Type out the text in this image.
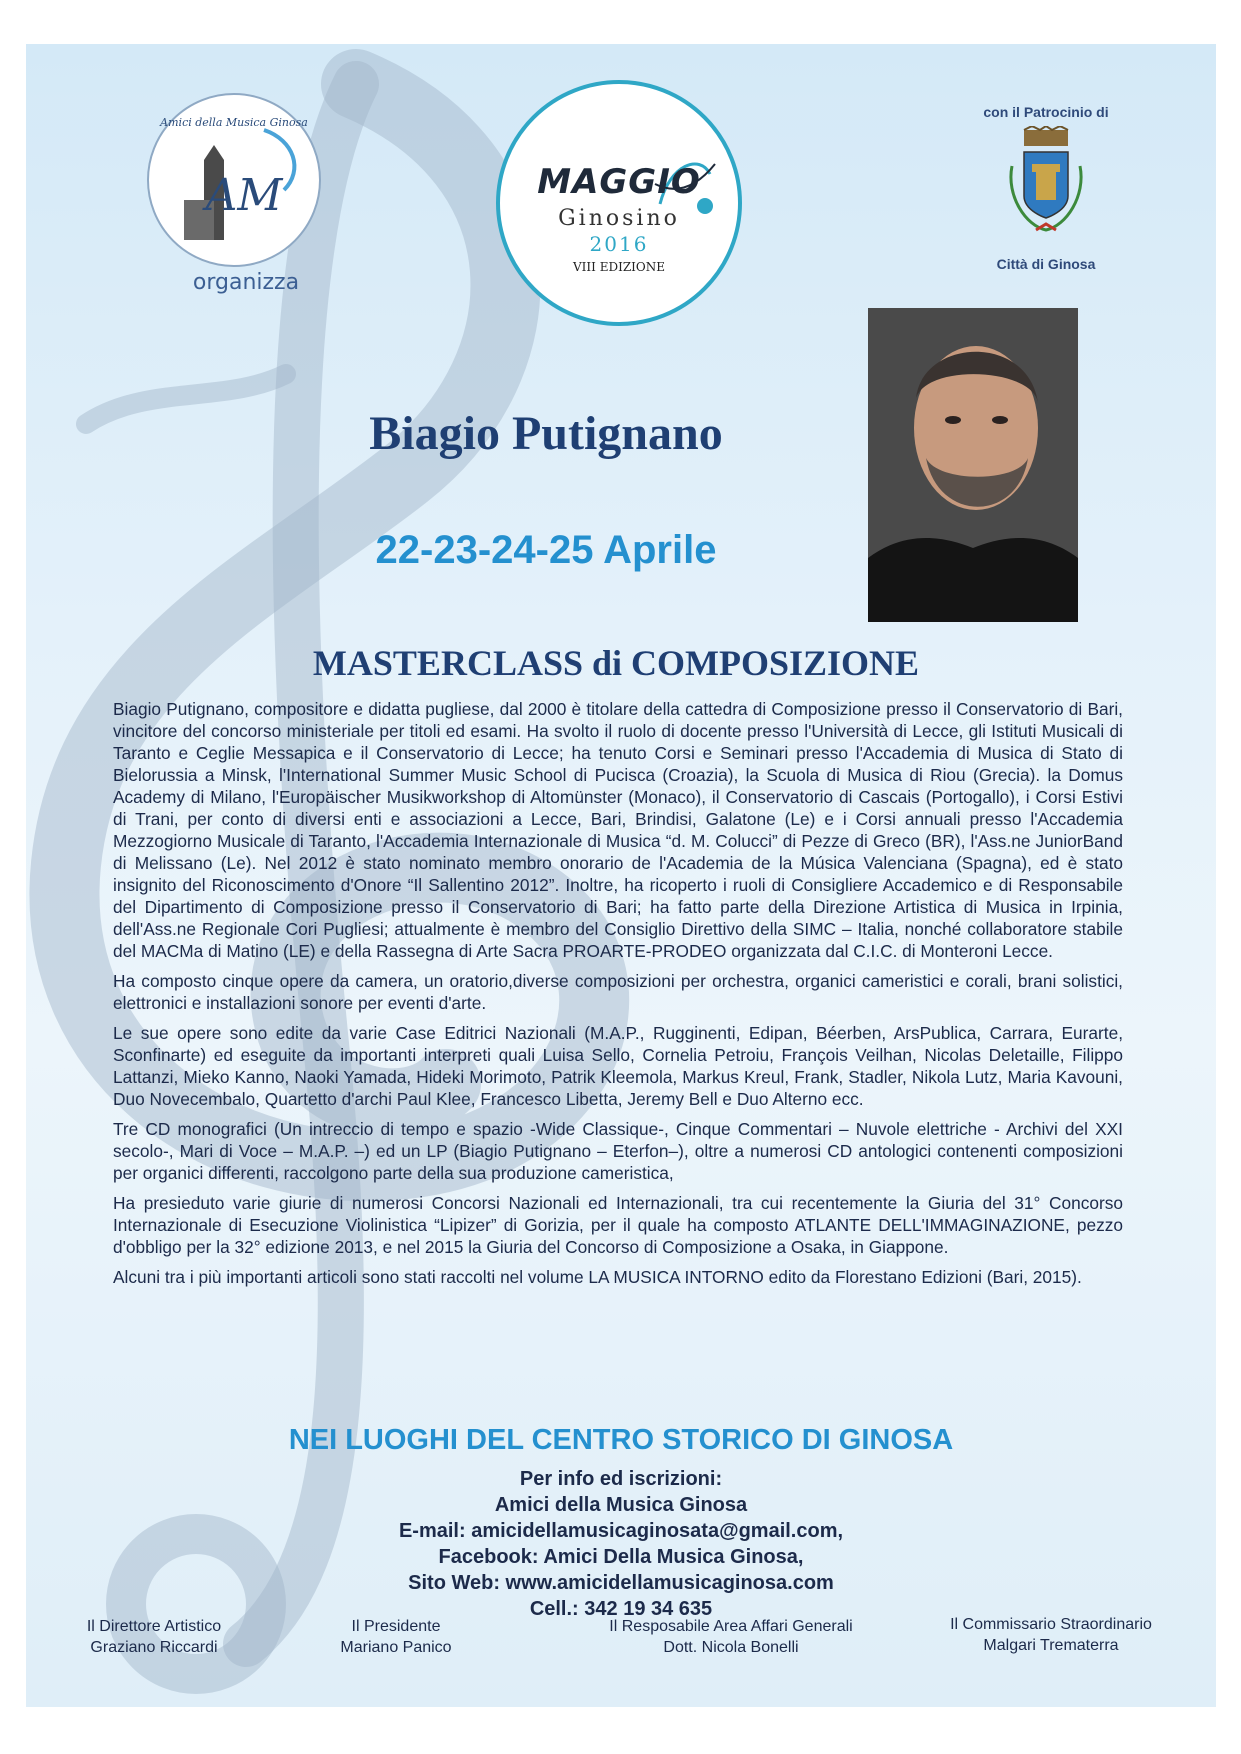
AM
Amici della Musica Ginosa
organizza
MAGGIO
Ginosino
2016
VIII EDIZIONE
con il Patrocinio di
Città di Ginosa
Biagio Putignano
22-23-24-25 Aprile
MASTERCLASS di COMPOSIZIONE

Biagio Putignano, compositore e didatta pugliese, dal 2000 è titolare della cattedra di Composizione presso il Conservatorio di Bari, vincitore del concorso ministeriale per titoli ed esami. Ha svolto il ruolo di docente presso l'Università di Lecce, gli Istituti Musicali di Taranto e Ceglie Messapica e il Conservatorio di Lecce; ha tenuto Corsi e Seminari presso l'Accademia di Musica di Stato di Bielorussia a Minsk, l'International Summer Music School di Pucisca (Croazia), la Scuola di Musica di Riou (Grecia). la Domus Academy di Milano, l'Europäischer Musikworkshop di Altomünster (Monaco), il Conservatorio di Cascais (Portogallo), i Corsi Estivi di Trani, per conto di diversi enti e associazioni a Lecce, Bari, Brindisi, Galatone (Le) e i Corsi annuali presso l'Accademia Mezzogiorno Musicale di Taranto, l'Accademia Internazionale di Musica “d. M. Colucci” di Pezze di Greco (BR), l'Ass.ne JuniorBand di Melissano (Le). Nel 2012 è stato nominato membro onorario de l'Academia de la Música Valenciana (Spagna), ed è stato insignito del Riconoscimento d'Onore “Il Sallentino 2012”. Inoltre, ha ricoperto i ruoli di Consigliere Accademico e di Responsabile del Dipartimento di Composizione presso il Conservatorio di Bari; ha fatto parte della Direzione Artistica di Musica in Irpinia, dell'Ass.ne Regionale Cori Pugliesi; attualmente è membro del Consiglio Direttivo della SIMC – Italia, nonché collaboratore stabile del MACMa di Matino (LE) e della Rassegna di Arte Sacra PROARTE-PRODEO organizzata dal C.I.C. di Monteroni Lecce.

Ha composto cinque opere da camera, un oratorio,diverse composizioni per orchestra, organici cameristici e corali, brani solistici, elettronici e installazioni sonore per eventi d'arte.

Le sue opere sono edite da varie Case Editrici Nazionali (M.A.P., Rugginenti, Edipan, Béerben, ArsPublica, Carrara, Eurarte, Sconfinarte) ed eseguite da importanti interpreti quali Luisa Sello, Cornelia Petroiu, François Veilhan, Nicolas Deletaille, Filippo Lattanzi, Mieko Kanno, Naoki Yamada, Hideki Morimoto, Patrik Kleemola, Markus Kreul, Frank, Stadler, Nikola Lutz, Maria Kavouni, Duo Novecembalo, Quartetto d'archi Paul Klee, Francesco Libetta, Jeremy Bell e Duo Alterno ecc.

Tre CD monografici (Un intreccio di tempo e spazio -Wide Classique-, Cinque Commentari – Nuvole elettriche - Archivi del XXI secolo-, Mari di Voce – M.A.P. –) ed un LP (Biagio Putignano – Eterfon–), oltre a numerosi CD antologici contenenti composizioni per organici differenti, raccolgono parte della sua produzione cameristica,

Ha presieduto varie giurie di numerosi Concorsi Nazionali ed Internazionali, tra cui recentemente la Giuria del 31° Concorso Internazionale di Esecuzione Violinistica “Lipizer” di Gorizia, per il quale ha composto ATLANTE DELL'IMMAGINAZIONE, pezzo d'obbligo per la 32° edizione 2013, e nel 2015 la Giuria del Concorso di Composizione a Osaka, in Giappone.

Alcuni tra i più importanti articoli sono stati raccolti nel volume LA MUSICA INTORNO edito da Florestano Edizioni (Bari, 2015).

NEI LUOGHI DEL CENTRO STORICO DI GINOSA
Per info ed iscrizioni:
Amici della Musica Ginosa
E-mail: amicidellamusicaginosata@gmail.com,
Facebook: Amici Della Musica Ginosa,
Sito Web: www.amicidellamusicaginosa.com
Cell.: 342 19 34 635
Il Direttore Artistico
Graziano Riccardi
Il Presidente
Mariano Panico
Il Resposabile Area Affari Generali
Dott. Nicola Bonelli
Il Commissario Straordinario
Malgari Trematerra
